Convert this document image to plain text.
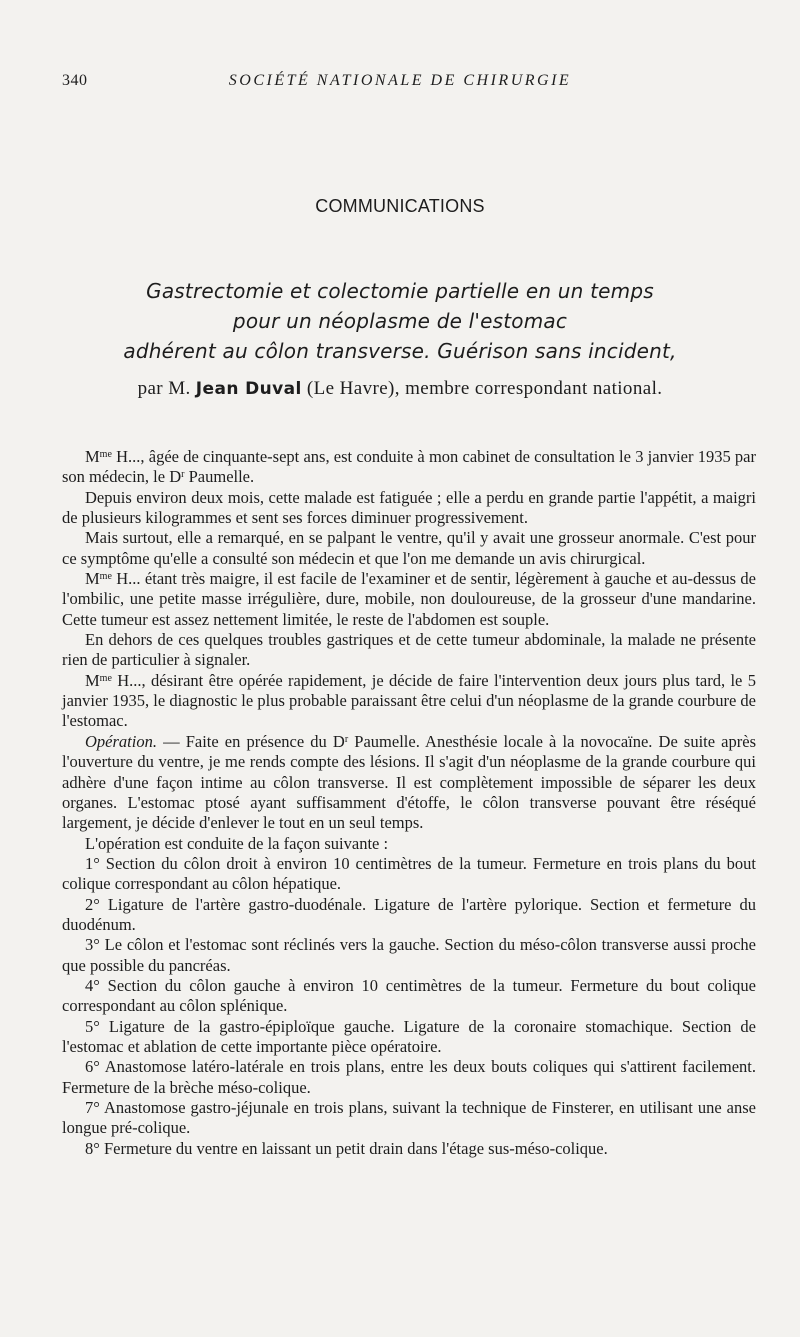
340	SOCIÉTÉ NATIONALE DE CHIRURGIE
COMMUNICATIONS
Gastrectomie et colectomie partielle en un temps
pour un néoplasme de l'estomac
adhérent au côlon transverse. Guérison sans incident,
par M. Jean Duval (Le Havre), membre correspondant national.

$M^{me}$ H..., âgée de cinquante-sept ans, est conduite à mon cabinet de consultation le 3 janvier 1935 par son médecin, le $D^r$ Paumelle.

Depuis environ deux mois, cette malade est fatiguée ; elle a perdu en grande partie l'appétit, a maigri de plusieurs kilogrammes et sent ses forces diminuer progressivement.

Mais surtout, elle a remarqué, en se palpant le ventre, qu'il y avait une grosseur anormale. C'est pour ce symptôme qu'elle a consulté son médecin et que l'on me demande un avis chirurgical.

$M^{me}$ H... étant très maigre, il est facile de l'examiner et de sentir, légèrement à gauche et au-dessus de l'ombilic, une petite masse irrégulière, dure, mobile, non douloureuse, de la grosseur d'une mandarine. Cette tumeur est assez nettement limitée, le reste de l'abdomen est souple.

En dehors de ces quelques troubles gastriques et de cette tumeur abdominale, la malade ne présente rien de particulier à signaler.

$M^{me}$ H..., désirant être opérée rapidement, je décide de faire l'intervention deux jours plus tard, le 5 janvier 1935, le diagnostic le plus probable paraissant être celui d'un néoplasme de la grande courbure de l'estomac.

Opération. — Faite en présence du $D^r$ Paumelle. Anesthésie locale à la novocaïne. De suite après l'ouverture du ventre, je me rends compte des lésions. Il s'agit d'un néoplasme de la grande courbure qui adhère d'une façon intime au côlon transverse. Il est complètement impossible de séparer les deux organes. L'estomac ptosé ayant suffisamment d'étoffe, le côlon transverse pouvant être réséqué largement, je décide d'enlever le tout en un seul temps.

L'opération est conduite de la façon suivante :

1° Section du côlon droit à environ 10 centimètres de la tumeur. Fermeture en trois plans du bout colique correspondant au côlon hépatique.

2° Ligature de l'artère gastro-duodénale. Ligature de l'artère pylorique. Section et fermeture du duodénum.

3° Le côlon et l'estomac sont réclinés vers la gauche. Section du méso-côlon transverse aussi proche que possible du pancréas.

4° Section du côlon gauche à environ 10 centimètres de la tumeur. Fermeture du bout colique correspondant au côlon splénique.

5° Ligature de la gastro-épiploïque gauche. Ligature de la coronaire stomachique. Section de l'estomac et ablation de cette importante pièce opératoire.

6° Anastomose latéro-latérale en trois plans, entre les deux bouts coliques qui s'attirent facilement. Fermeture de la brèche méso-colique.

7° Anastomose gastro-jéjunale en trois plans, suivant la technique de Finsterer, en utilisant une anse longue pré-colique.

8° Fermeture du ventre en laissant un petit drain dans l'étage sus-méso-colique.
